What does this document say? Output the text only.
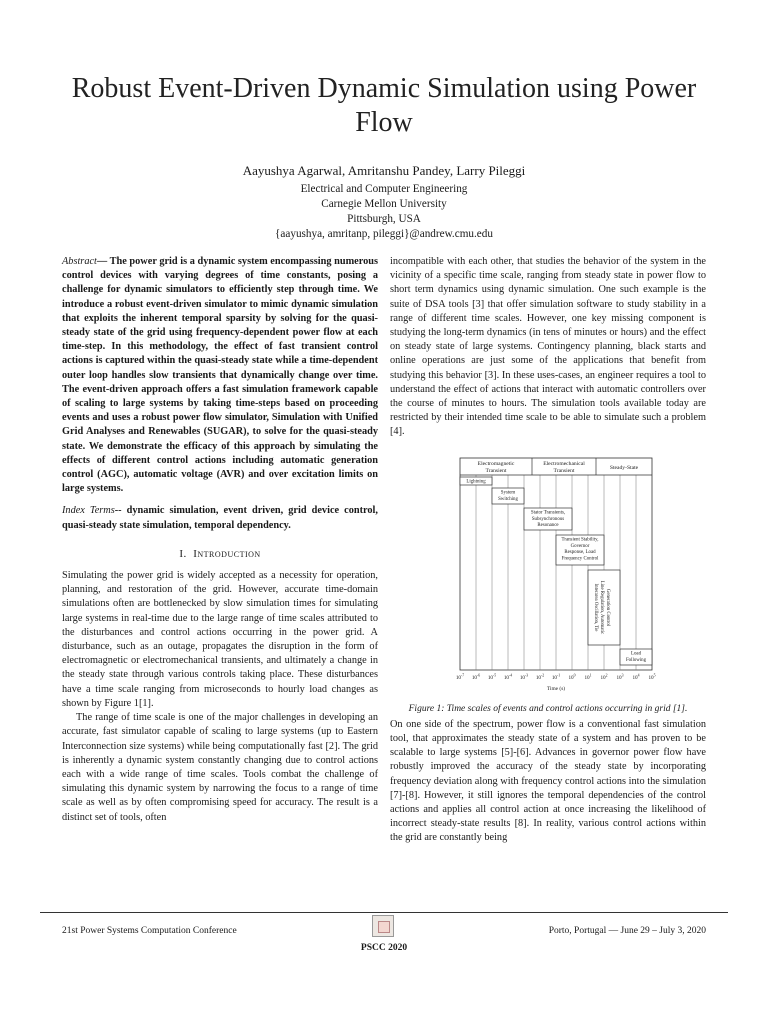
Robust Event-Driven Dynamic Simulation using Power Flow
Aayushya Agarwal, Amritanshu Pandey, Larry Pileggi
Electrical and Computer Engineering
Carnegie Mellon University
Pittsburgh, USA
{aayushya, amritanp, pileggi}@andrew.cmu.edu

Abstract— The power grid is a dynamic system encompassing numerous control devices with varying degrees of time constants, posing a challenge for dynamic simulators to efficiently step through time. We introduce a robust event-driven simulator to mimic dynamic simulation that exploits the inherent temporal sparsity by solving for the quasi-steady state of the grid using frequency-dependent power flow at each time-step. In this methodology, the effect of fast transient control actions is captured within the quasi-steady state while a time-dependent outer loop handles slow transients that dynamically change over time. The event-driven approach offers a fast simulation framework capable of scaling to large systems by taking time-steps based on proceeding events and uses a robust power flow simulator, Simulation with Unified Grid Analyses and Renewables (SUGAR), to solve for the quasi-steady state. We demonstrate the efficacy of this approach by simulating the effects of different control actions including automatic generation control (AGC), automatic voltage (AVR) and over excitation limits on large systems.

Index Terms-- dynamic simulation, event driven, grid device control, quasi-steady state simulation, temporal dependency.

I. Introduction

Simulating the power grid is widely accepted as a necessity for operation, planning, and restoration of the grid. However, accurate time-domain simulations often are bottlenecked by slow simulation times for simulating large systems in real-time due to the large range of time scales attributed to the disturbances and control actions occurring in the power grid. A disturbance, such as an outage, propagates the disruption in the form of electromagnetic or electromechanical transients, and ultimately a change in the steady state through various controls taking place. These disturbances have a time scale ranging from microseconds to hourly load changes as shown by Figure 1[1].

The range of time scale is one of the major challenges in developing an accurate, fast simulator capable of scaling to large systems (up to Eastern Interconnection size systems) while being computationally fast [2]. The grid is inherently a dynamic system constantly changing due to control actions each with a wide range of time scales. Tools combat the challenge of simulating this dynamic system by narrowing the focus to a range of time scale as well as by often compromising speed for accuracy. The result is a distinct set of tools, often

incompatible with each other, that studies the behavior of the system in the vicinity of a specific time scale, ranging from steady state in power flow to short term dynamics using dynamic simulation. One such example is the suite of DSA tools [3] that offer simulation software to study stability in a range of different time scales. However, one key missing component is studying the long-term dynamics (in tens of minutes or hours) and the effect on steady state of large systems. Contingency planning, black starts and online operations are just some of the applications that benefit from studying this behavior [3]. In these uses-cases, an engineer requires a tool to understand the effect of actions that interact with automatic controllers over the course of minutes to hours. The simulation tools available today are restricted by their intended time scale to be able to simulate such a problem [4].

Electromagnetic
Transient
Electromechanical
Transient	Steady-State
Lightning
System
Switching
Stator Transients,
Subsynchronous
Resonance
Transient Stability,
Governor
Response, Load
Frequency Control
Interarea Oscillation, Tie Line Regulation, Automatic Generation Control
Load
Following
$10^{-7}$ $10^{-6}$ $10^{-5}$ $10^{-4}$ $10^{-3}$ $10^{-2}$ $10^{-1}$ $10^0$ $10^1$ $10^2$ $10^3$ $10^4$ $10^5$
Time (s)

Figure 1: Time scales of events and control actions occurring in grid [1].

On one side of the spectrum, power flow is a conventional fast simulation tool, that approximates the steady state of a system and has proven to be scalable to large systems [5]-[6]. Advances in governor power flow have robustly improved the accuracy of the steady state by incorporating frequency deviation along with frequency control actions into the simulation [7]-[8]. However, it still ignores the temporal dependencies of the control actions and applies all control action at once increasing the likelihood of incorrect steady-state results [8]. In reality, various control actions within the grid are constantly being

21st Power Systems Computation Conference	Porto, Portugal — June 29 – July 3, 2020
PSCC 2020
